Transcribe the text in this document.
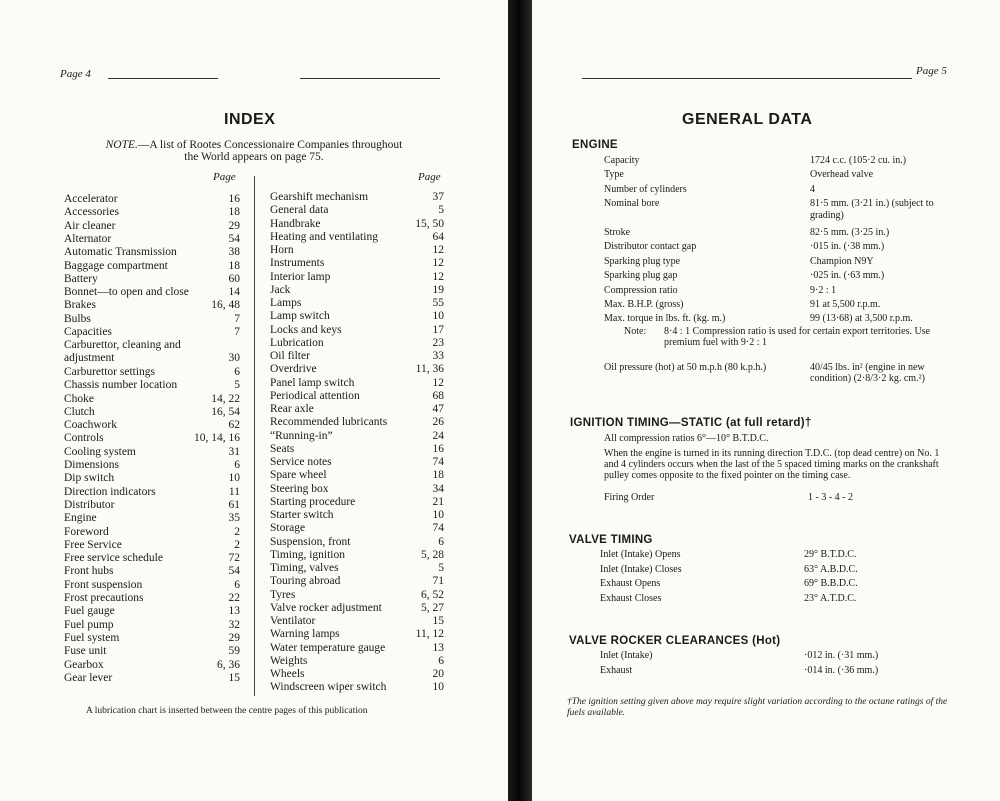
Page 4
INDEX
NOTE.—A list of Rootes Concessionaire Companies throughout
the World appears on page 75.
Page	Page
Accelerator	16
Accessories	18
Air cleaner	29
Alternator	54
Automatic Transmission	38
Baggage compartment	18
Battery	60
Bonnet—to open and close	14
Brakes	16, 48
Bulbs	7
Capacities	7
Carburettor, cleaning and
adjustment	30
Carburettor settings	6
Chassis number location	5
Choke	14, 22
Clutch	16, 54
Coachwork	62
Controls	10, 14, 16
Cooling system	31
Dimensions	6
Dip switch	10
Direction indicators	11
Distributor	61
Engine	35
Foreword	2
Free Service	2
Free service schedule	72
Front hubs	54
Front suspension	6
Frost precautions	22
Fuel gauge	13
Fuel pump	32
Fuel system	29
Fuse unit	59
Gearbox	6, 36
Gear lever	15
Gearshift mechanism	37
General data	5
Handbrake	15, 50
Heating and ventilating	64
Horn	12
Instruments	12
Interior lamp	12
Jack	19
Lamps	55
Lamp switch	10
Locks and keys	17
Lubrication	23
Oil filter	33
Overdrive	11, 36
Panel lamp switch	12
Periodical attention	68
Rear axle	47
Recommended lubricants	26
“Running-in”	24
Seats	16
Service notes	74
Spare wheel	18
Steering box	34
Starting procedure	21
Starter switch	10
Storage	74
Suspension, front	6
Timing, ignition	5, 28
Timing, valves	5
Touring abroad	71
Tyres	6, 52
Valve rocker adjustment	5, 27
Ventilator	15
Warning lamps	11, 12
Water temperature gauge	13
Weights	6
Wheels	20
Windscreen wiper switch	10
A lubrication chart is inserted between the centre pages of this publication
Page 5
GENERAL DATA
ENGINE
Capacity	1724 c.c. (105·2 cu. in.)
Type	Overhead valve
Number of cylinders	4
Nominal bore	81·5 mm. (3·21 in.) (subject to grading)
Stroke	82·5 mm. (3·25 in.)
Distributor contact gap	·015 in. (·38 mm.)
Sparking plug type	Champion N9Y
Sparking plug gap	·025 in. (·63 mm.)
Compression ratio	9·2 : 1
Max. B.H.P. (gross)	91 at 5,500 r.p.m.
Max. torque in lbs. ft. (kg. m.)	99 (13·68) at 3,500 r.p.m.
Note: 8·4 : 1 Compression ratio is used for certain export territories. Use premium fuel with 9·2 : 1
Oil pressure (hot) at 50 m.p.h (80 k.p.h.)	40/45 lbs. in² (engine in new condition) (2·8/3·2 kg. cm.²)
IGNITION TIMING—STATIC (at full retard)†
All compression ratios 6°—10° B.T.D.C.
When the engine is turned in its running direction T.D.C. (top dead centre) on No. 1 and 4 cylinders occurs when the last of the 5 spaced timing marks on the crankshaft pulley comes opposite to the fixed pointer on the timing case.
Firing Order	1 - 3 - 4 - 2
VALVE TIMING
Inlet (Intake) Opens	29° B.T.D.C.
Inlet (Intake) Closes	63° A.B.D.C.
Exhaust Opens	69° B.B.D.C.
Exhaust Closes	23° A.T.D.C.
VALVE ROCKER CLEARANCES (Hot)
Inlet (Intake)	·012 in. (·31 mm.)
Exhaust	·014 in. (·36 mm.)
†The ignition setting given above may require slight variation according to the octane ratings of the fuels available.
